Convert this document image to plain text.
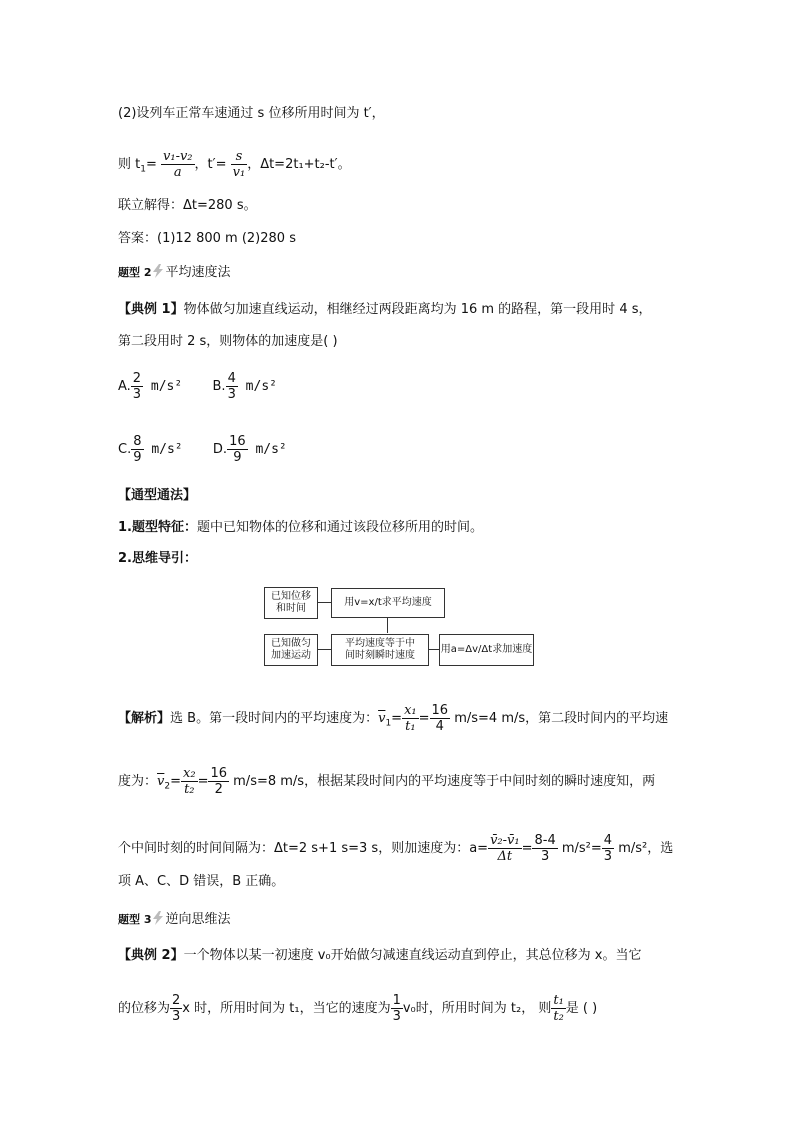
(2)设列车正常车速通过 s 位移所用时间为 t′，
则 $t_1= \frac{\text{v₁-v₂}}{a}$ ，$t'= \frac{s}{\text{v₁}}$ ，Δt=2t₁+t₂-t′。
联立解得：Δt=280 s。
答案：(1)12 800 m (2)280 s
题型 2 平均速度法
【典例 1】物体做匀加速直线运动，相继经过两段距离均为 16 m 的路程，第一段用时 4 s，
第二段用时 2 s，则物体的加速度是( )
A. $\frac{2}{3} m/s^2$ B. $\frac{4}{3} m/s^2$
C. $\frac{8}{9} m/s^2$ D. $\frac{16}{9} m/s^2$
【通型通法】
1.题型特征：题中已知物体的位移和通过该段位移所用的时间。
2.思维导引：
已知位移
和时间
用v=x/t求平均速度
已知做匀
加速运动
平均速度等于中
间时刻瞬时速度
用a=Δv/Δt求加速度
【解析】选 B。第一段时间内的平均速度为：$\overline{v}_1= \frac{\text{x₁}}{\text{t₁}} = \frac{16}{4} m/s=4$ m/s，第二段时间内的平均速
度为：$\overline{v}_2= \frac{\text{x₂}}{\text{t₂}} = \frac{16}{2} m/s=8$ m/s，根据某段时间内的平均速度等于中间时刻的瞬时速度知，两
个中间时刻的时间间隔为：Δt=2 s+1 s=3 s，则加速度为：$a= \frac{\text{v̄₂-v̄₁}}{\Delta t} = \frac{8-4}{3} m/s^2= \frac{4}{3} m/s^2$，选
项 A、C、D 错误，B 正确。
题型 3 逆向思维法
【典例 2】一个物体以某一初速度 v₀开始做匀减速直线运动直到停止，其总位移为 x。当它
的位移为 $\frac{2}{3}$ x 时，所用时间为 t₁，当它的速度为 $\frac{1}{3} v_0$时，所用时间为 t₂， 则 $\frac{\text{t₁}}{\text{t₂}}$ 是 ( )
